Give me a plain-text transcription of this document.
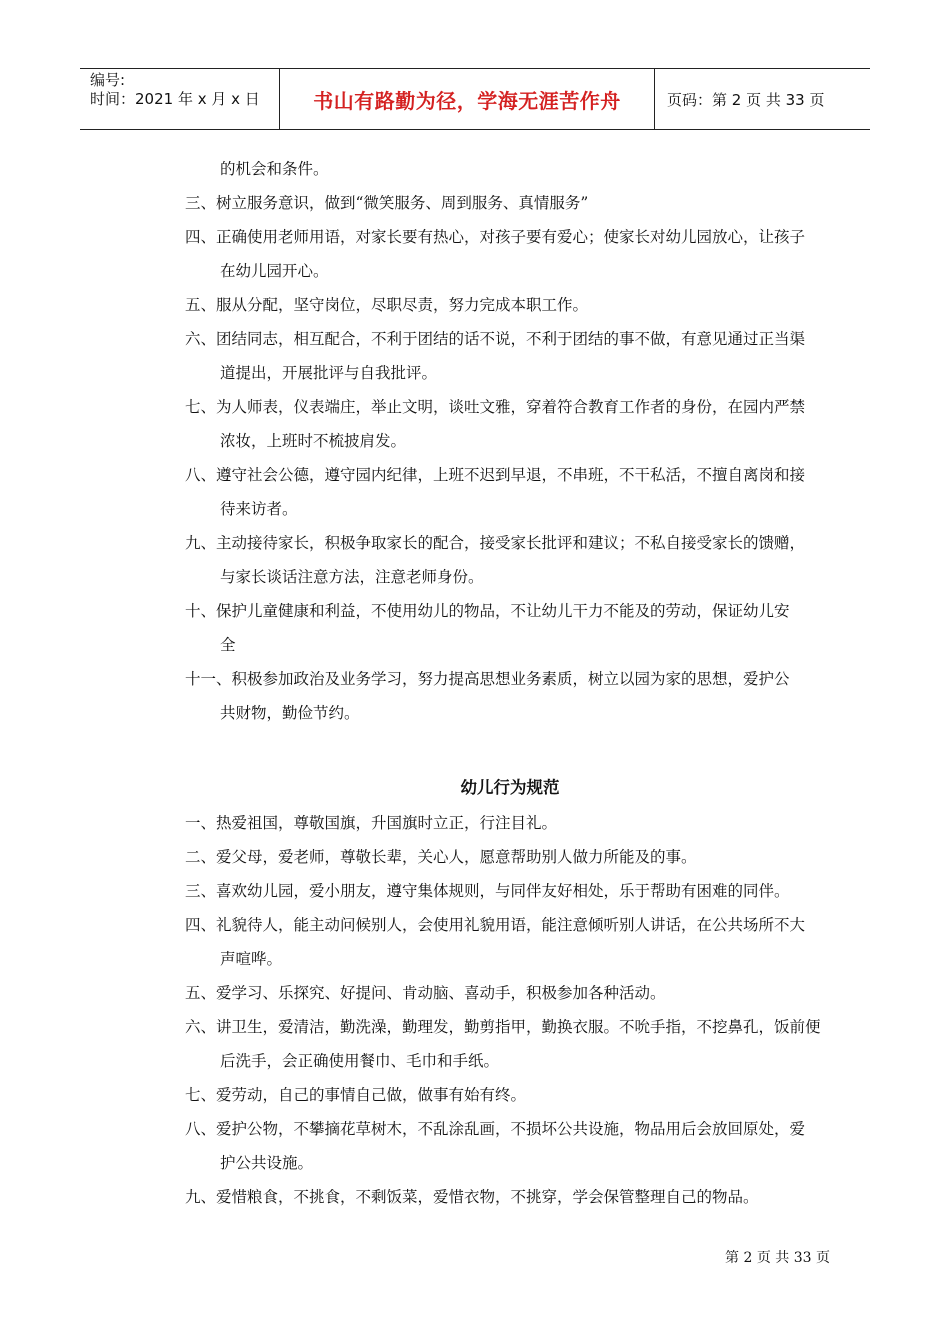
编号:
时间：2021 年 x 月 x 日	书山有路勤为径，学海无涯苦作舟	页码：第 2 页 共 33 页
的机会和条件。
三、树立服务意识，做到“微笑服务、周到服务、真情服务”
四、正确使用老师用语，对家长要有热心，对孩子要有爱心；使家长对幼儿园放心，让孩子
在幼儿园开心。
五、服从分配，坚守岗位，尽职尽责，努力完成本职工作。
六、团结同志，相互配合，不利于团结的话不说，不利于团结的事不做，有意见通过正当渠
道提出，开展批评与自我批评。
七、为人师表，仪表端庄，举止文明，谈吐文雅，穿着符合教育工作者的身份，在园内严禁
浓妆，上班时不梳披肩发。
八、遵守社会公德，遵守园内纪律，上班不迟到早退，不串班，不干私活，不擅自离岗和接
待来访者。
九、主动接待家长，积极争取家长的配合，接受家长批评和建议；不私自接受家长的馈赠，
与家长谈话注意方法，注意老师身份。
十、保护儿童健康和利益，不使用幼儿的物品，不让幼儿干力不能及的劳动，保证幼儿安
全
十一、积极参加政治及业务学习，努力提高思想业务素质，树立以园为家的思想，爱护公
共财物，勤俭节约。
幼儿行为规范
一、热爱祖国，尊敬国旗，升国旗时立正，行注目礼。
二、爱父母，爱老师，尊敬长辈，关心人，愿意帮助别人做力所能及的事。
三、喜欢幼儿园，爱小朋友，遵守集体规则，与同伴友好相处，乐于帮助有困难的同伴。
四、礼貌待人，能主动问候别人，会使用礼貌用语，能注意倾听别人讲话，在公共场所不大
声喧哗。
五、爱学习、乐探究、好提问、肯动脑、喜动手，积极参加各种活动。
六、讲卫生，爱清洁，勤洗澡，勤理发，勤剪指甲，勤换衣服。不吮手指，不挖鼻孔，饭前便
后洗手，会正确使用餐巾、毛巾和手纸。
七、爱劳动，自己的事情自己做，做事有始有终。
八、爱护公物，不攀摘花草树木，不乱涂乱画，不损坏公共设施，物品用后会放回原处，爱
护公共设施。
九、爱惜粮食，不挑食，不剩饭菜，爱惜衣物，不挑穿，学会保管整理自己的物品。
第 2 页 共 33 页
